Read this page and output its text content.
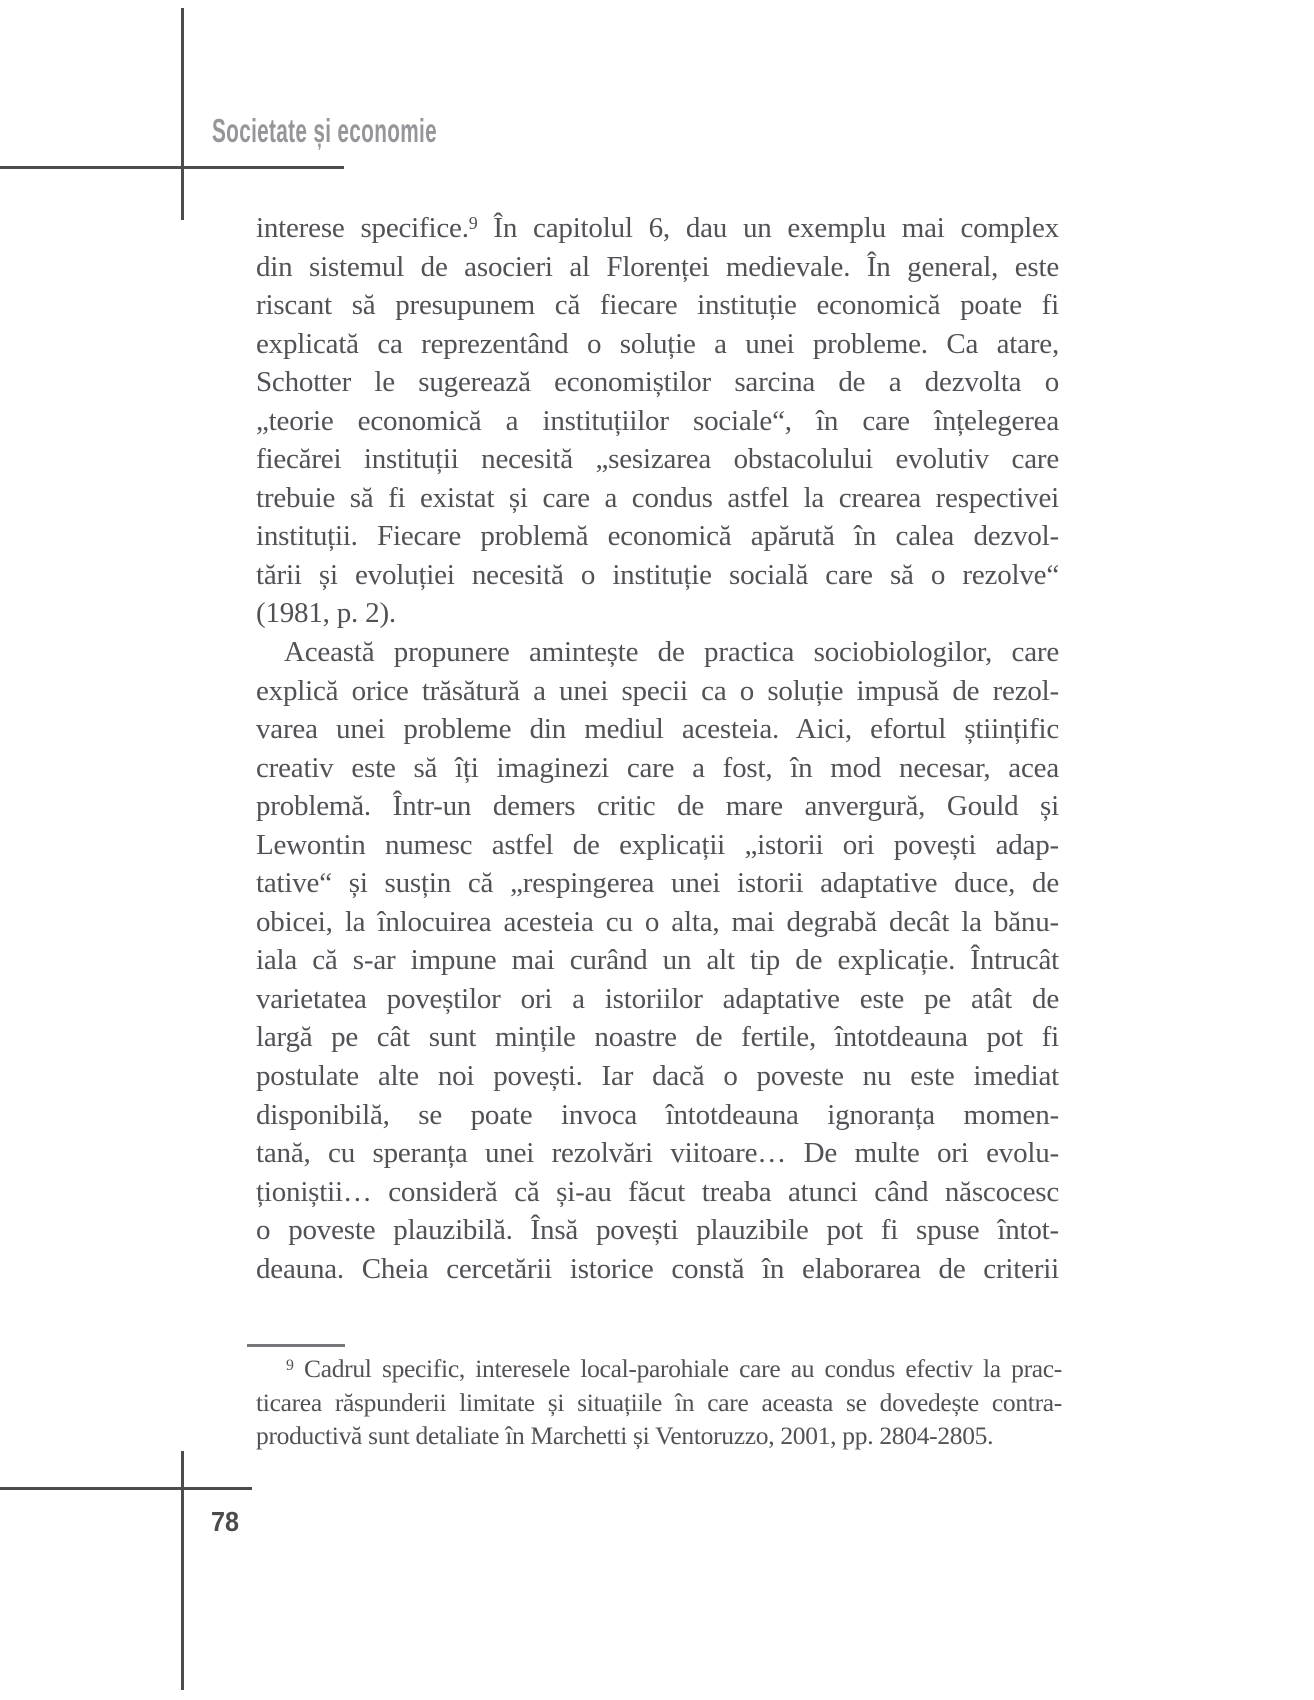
Societate și economie
interese specifice.$^9$ În capitolul 6, dau un exemplu mai complex
din sistemul de asocieri al Florenței medievale. În general, este
riscant să presupunem că fiecare instituție economică poate fi
explicată ca reprezentând o soluție a unei probleme. Ca atare,
Schotter le sugerează economiștilor sarcina de a dezvolta o
„teorie economică a instituțiilor sociale“, în care înțelegerea
fiecărei instituții necesită „sesizarea obstacolului evolutiv care
trebuie să fi existat și care a condus astfel la crearea respectivei
instituții. Fiecare problemă economică apărută în calea dezvol-
tării și evoluției necesită o instituție socială care să o rezolve“
(1981, p. 2).
Această propunere amintește de practica sociobiologilor, care
explică orice trăsătură a unei specii ca o soluție impusă de rezol-
varea unei probleme din mediul acesteia. Aici, efortul științific
creativ este să îți imaginezi care a fost, în mod necesar, acea
problemă. Într-un demers critic de mare anvergură, Gould și
Lewontin numesc astfel de explicații „istorii ori povești adap-
tative“ și susțin că „respingerea unei istorii adaptative duce, de
obicei, la înlocuirea acesteia cu o alta, mai degrabă decât la bănu-
iala că s-ar impune mai curând un alt tip de explicație. Întrucât
varietatea poveștilor ori a istoriilor adaptative este pe atât de
largă pe cât sunt mințile noastre de fertile, întotdeauna pot fi
postulate alte noi povești. Iar dacă o poveste nu este imediat
disponibilă, se poate invoca întotdeauna ignoranța momen-
tană, cu speranța unei rezolvări viitoare… De multe ori evolu-
ționiștii… consideră că și-au făcut treaba atunci când născocesc
o poveste plauzibilă. Însă povești plauzibile pot fi spuse întot-
deauna. Cheia cercetării istorice constă în elaborarea de criterii
$^9$ Cadrul specific, interesele local-parohiale care au condus efectiv la prac-
ticarea răspunderii limitate și situațiile în care aceasta se dovedește contra-
productivă sunt detaliate în Marchetti și Ventoruzzo, 2001, pp. 2804-2805.
78
